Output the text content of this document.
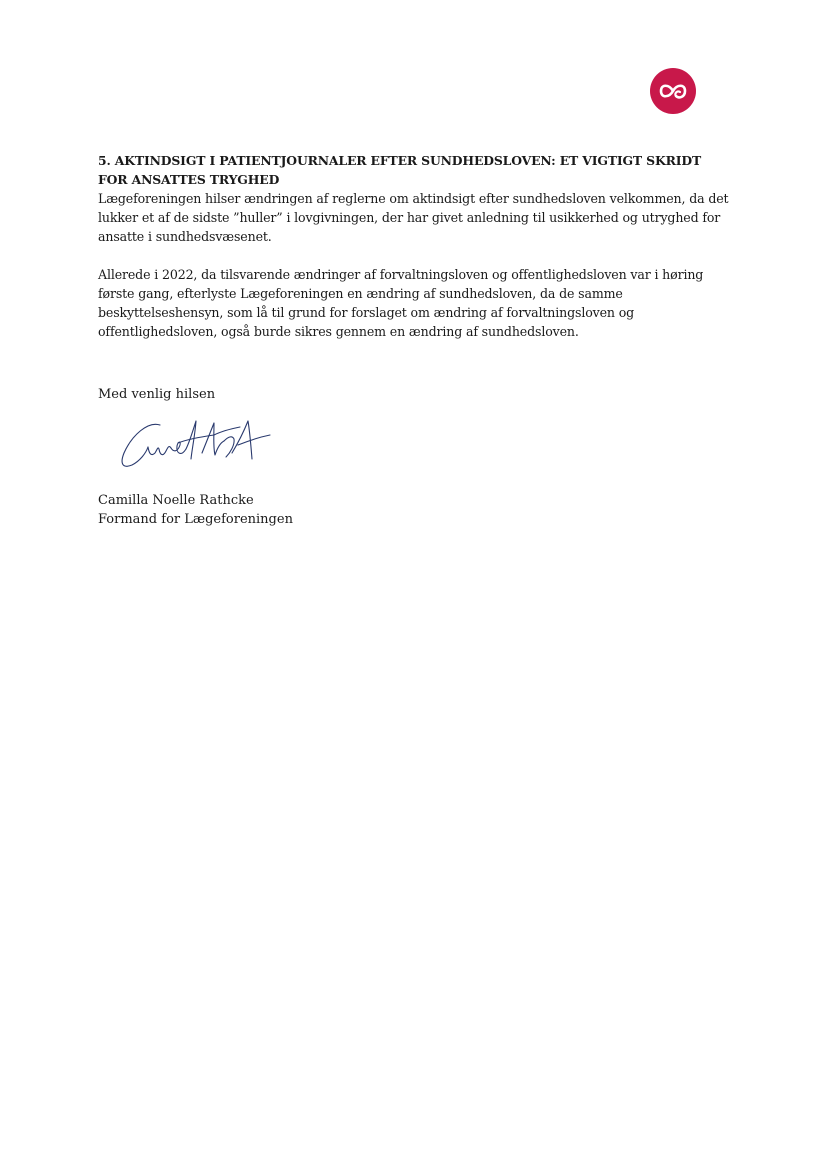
5. AKTINDSIGT I PATIENTJOURNALER EFTER SUNDHEDSLOVEN: ET VIGTIGT SKRIDT FOR ANSATTES TRYGHED

Lægeforeningen hilser ændringen af reglerne om aktindsigt efter sundhedsloven velkommen, da det lukker et af de sidste ”huller” i lovgivningen, der har givet anledning til usikkerhed og utryghed for ansatte i sundhedsvæsenet.

Allerede i 2022, da tilsvarende ændringer af forvaltningsloven og offentlighedsloven var i høring første gang, efterlyste Lægeforeningen en ændring af sundhedsloven, da de samme beskyttelseshensyn, som lå til grund for forslaget om ændring af forvaltningsloven og offentlighedsloven, også burde sikres gennem en ændring af sundhedsloven.

Med venlig hilsen
Camilla Noelle Rathcke
Formand for Lægeforeningen
